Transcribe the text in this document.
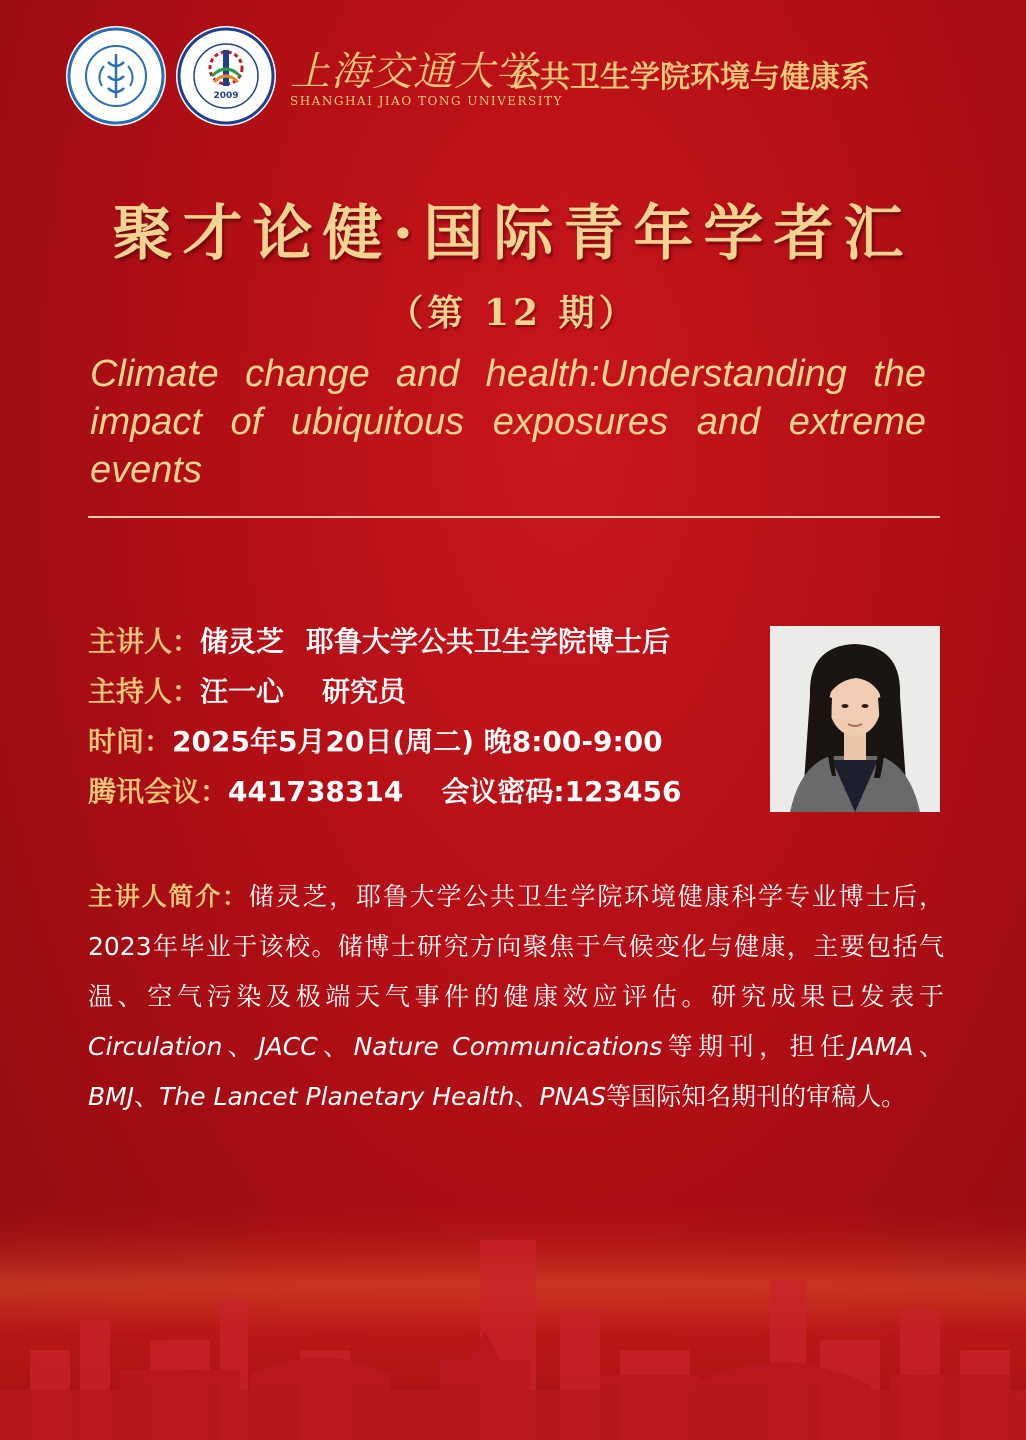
2009
上海交通大学
SHANGHAI JIAO TONG UNIVERSITY
公共卫生学院环境与健康系
聚才论健·国际青年学者汇
（第 12 期）
Climate change and health:Understanding the impact of ubiquitous exposures and extreme events
主讲人：储灵芝 耶鲁大学公共卫生学院博士后
主持人：汪一心 研究员
时间：2025年5月20日(周二) 晚8:00-9:00
腾讯会议：441738314 会议密码:123456
主讲人简介：储灵芝，耶鲁大学公共卫生学院环境健康科学专业博士后，2023年毕业于该校。储博士研究方向聚焦于气候变化与健康，主要包括气温、空气污染及极端天气事件的健康效应评估。研究成果已发表于Circulation、JACC、Nature Communications等期刊，担任JAMA、BMJ、The Lancet Planetary Health、PNAS等国际知名期刊的审稿人。
